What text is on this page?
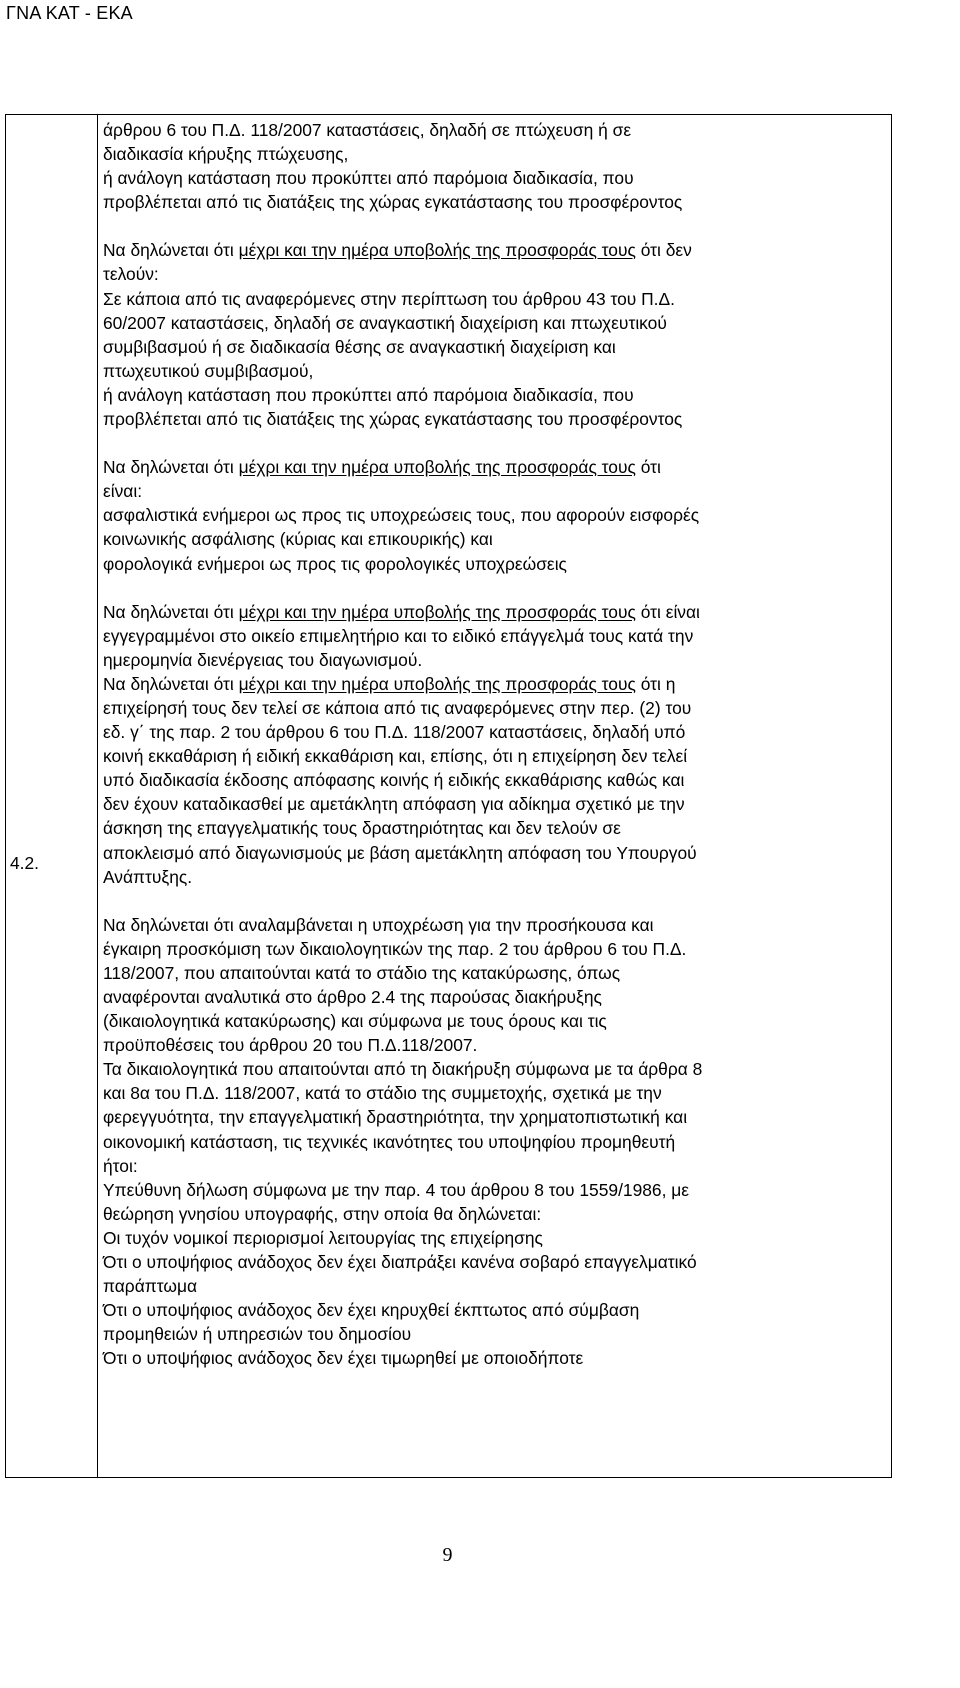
ΓΝΑ ΚΑΤ - ΕΚΑ
4.2.

άρθρου 6 του Π.Δ. 118/2007 καταστάσεις, δηλαδή σε πτώχευση ή σε

διαδικασία κήρυξης πτώχευσης,

ή ανάλογη κατάσταση που προκύπτει από παρόμοια διαδικασία, που

προβλέπεται από τις διατάξεις της χώρας εγκατάστασης του προσφέροντος

Να δηλώνεται ότι μέχρι και την ημέρα υποβολής της προσφοράς τους ότι δεν

τελούν:

Σε κάποια από τις αναφερόμενες στην περίπτωση του άρθρου 43 του Π.Δ.

60/2007 καταστάσεις, δηλαδή σε αναγκαστική διαχείριση και πτωχευτικού

συμβιβασμού ή σε διαδικασία θέσης σε αναγκαστική διαχείριση και

πτωχευτικού συμβιβασμού,

ή ανάλογη κατάσταση που προκύπτει από παρόμοια διαδικασία, που

προβλέπεται από τις διατάξεις της χώρας εγκατάστασης του προσφέροντος

Να δηλώνεται ότι μέχρι και την ημέρα υποβολής της προσφοράς τους ότι

είναι:

ασφαλιστικά ενήμεροι ως προς τις υποχρεώσεις τους, που αφορούν εισφορές

κοινωνικής ασφάλισης (κύριας και επικουρικής) και

φορολογικά ενήμεροι ως προς τις φορολογικές υποχρεώσεις

Να δηλώνεται ότι μέχρι και την ημέρα υποβολής της προσφοράς τους ότι είναι

εγγεγραμμένοι στο οικείο επιμελητήριο και το ειδικό επάγγελμά τους κατά την

ημερομηνία διενέργειας του διαγωνισμού.

Να δηλώνεται ότι μέχρι και την ημέρα υποβολής της προσφοράς τους ότι η

επιχείρησή τους δεν τελεί σε κάποια από τις αναφερόμενες στην περ. (2) του

εδ. γ΄ της παρ. 2 του άρθρου 6 του Π.Δ. 118/2007 καταστάσεις, δηλαδή υπό

κοινή εκκαθάριση ή ειδική εκκαθάριση και, επίσης, ότι η επιχείρηση δεν τελεί

υπό διαδικασία έκδοσης απόφασης κοινής ή ειδικής εκκαθάρισης καθώς και

δεν έχουν καταδικασθεί με αμετάκλητη απόφαση για αδίκημα σχετικό με την

άσκηση της επαγγελματικής τους δραστηριότητας και δεν τελούν σε

αποκλεισμό από διαγωνισμούς με βάση αμετάκλητη απόφαση του Υπουργού

Ανάπτυξης.

Να δηλώνεται ότι αναλαμβάνεται η υποχρέωση για την προσήκουσα και

έγκαιρη προσκόμιση των δικαιολογητικών της παρ. 2 του άρθρου 6 του Π.Δ.

118/2007, που απαιτούνται κατά το στάδιο της κατακύρωσης, όπως

αναφέρονται αναλυτικά στο άρθρο 2.4 της παρούσας διακήρυξης

(δικαιολογητικά κατακύρωσης) και σύμφωνα με τους όρους και τις

προϋποθέσεις του άρθρου 20 του Π.Δ.118/2007.

Τα δικαιολογητικά που απαιτούνται από τη διακήρυξη σύμφωνα με τα άρθρα 8

και 8α του Π.Δ. 118/2007, κατά το στάδιο της συμμετοχής, σχετικά με την

φερεγγυότητα, την επαγγελματική δραστηριότητα, την χρηματοπιστωτική και

οικονομική κατάσταση, τις τεχνικές ικανότητες του υποψηφίου προμηθευτή

ήτοι:

Υπεύθυνη δήλωση σύμφωνα με την παρ. 4 του άρθρου 8 του 1559/1986, με

θεώρηση γνησίου υπογραφής, στην οποία θα δηλώνεται:

Οι τυχόν νομικοί περιορισμοί λειτουργίας της επιχείρησης

Ότι ο υποψήφιος ανάδοχος δεν έχει διαπράξει κανένα σοβαρό επαγγελματικό

παράπτωμα

Ότι ο υποψήφιος ανάδοχος δεν έχει κηρυχθεί έκπτωτος από σύμβαση

προμηθειών ή υπηρεσιών του δημοσίου

Ότι ο υποψήφιος ανάδοχος δεν έχει τιμωρηθεί με οποιοδήποτε

9
